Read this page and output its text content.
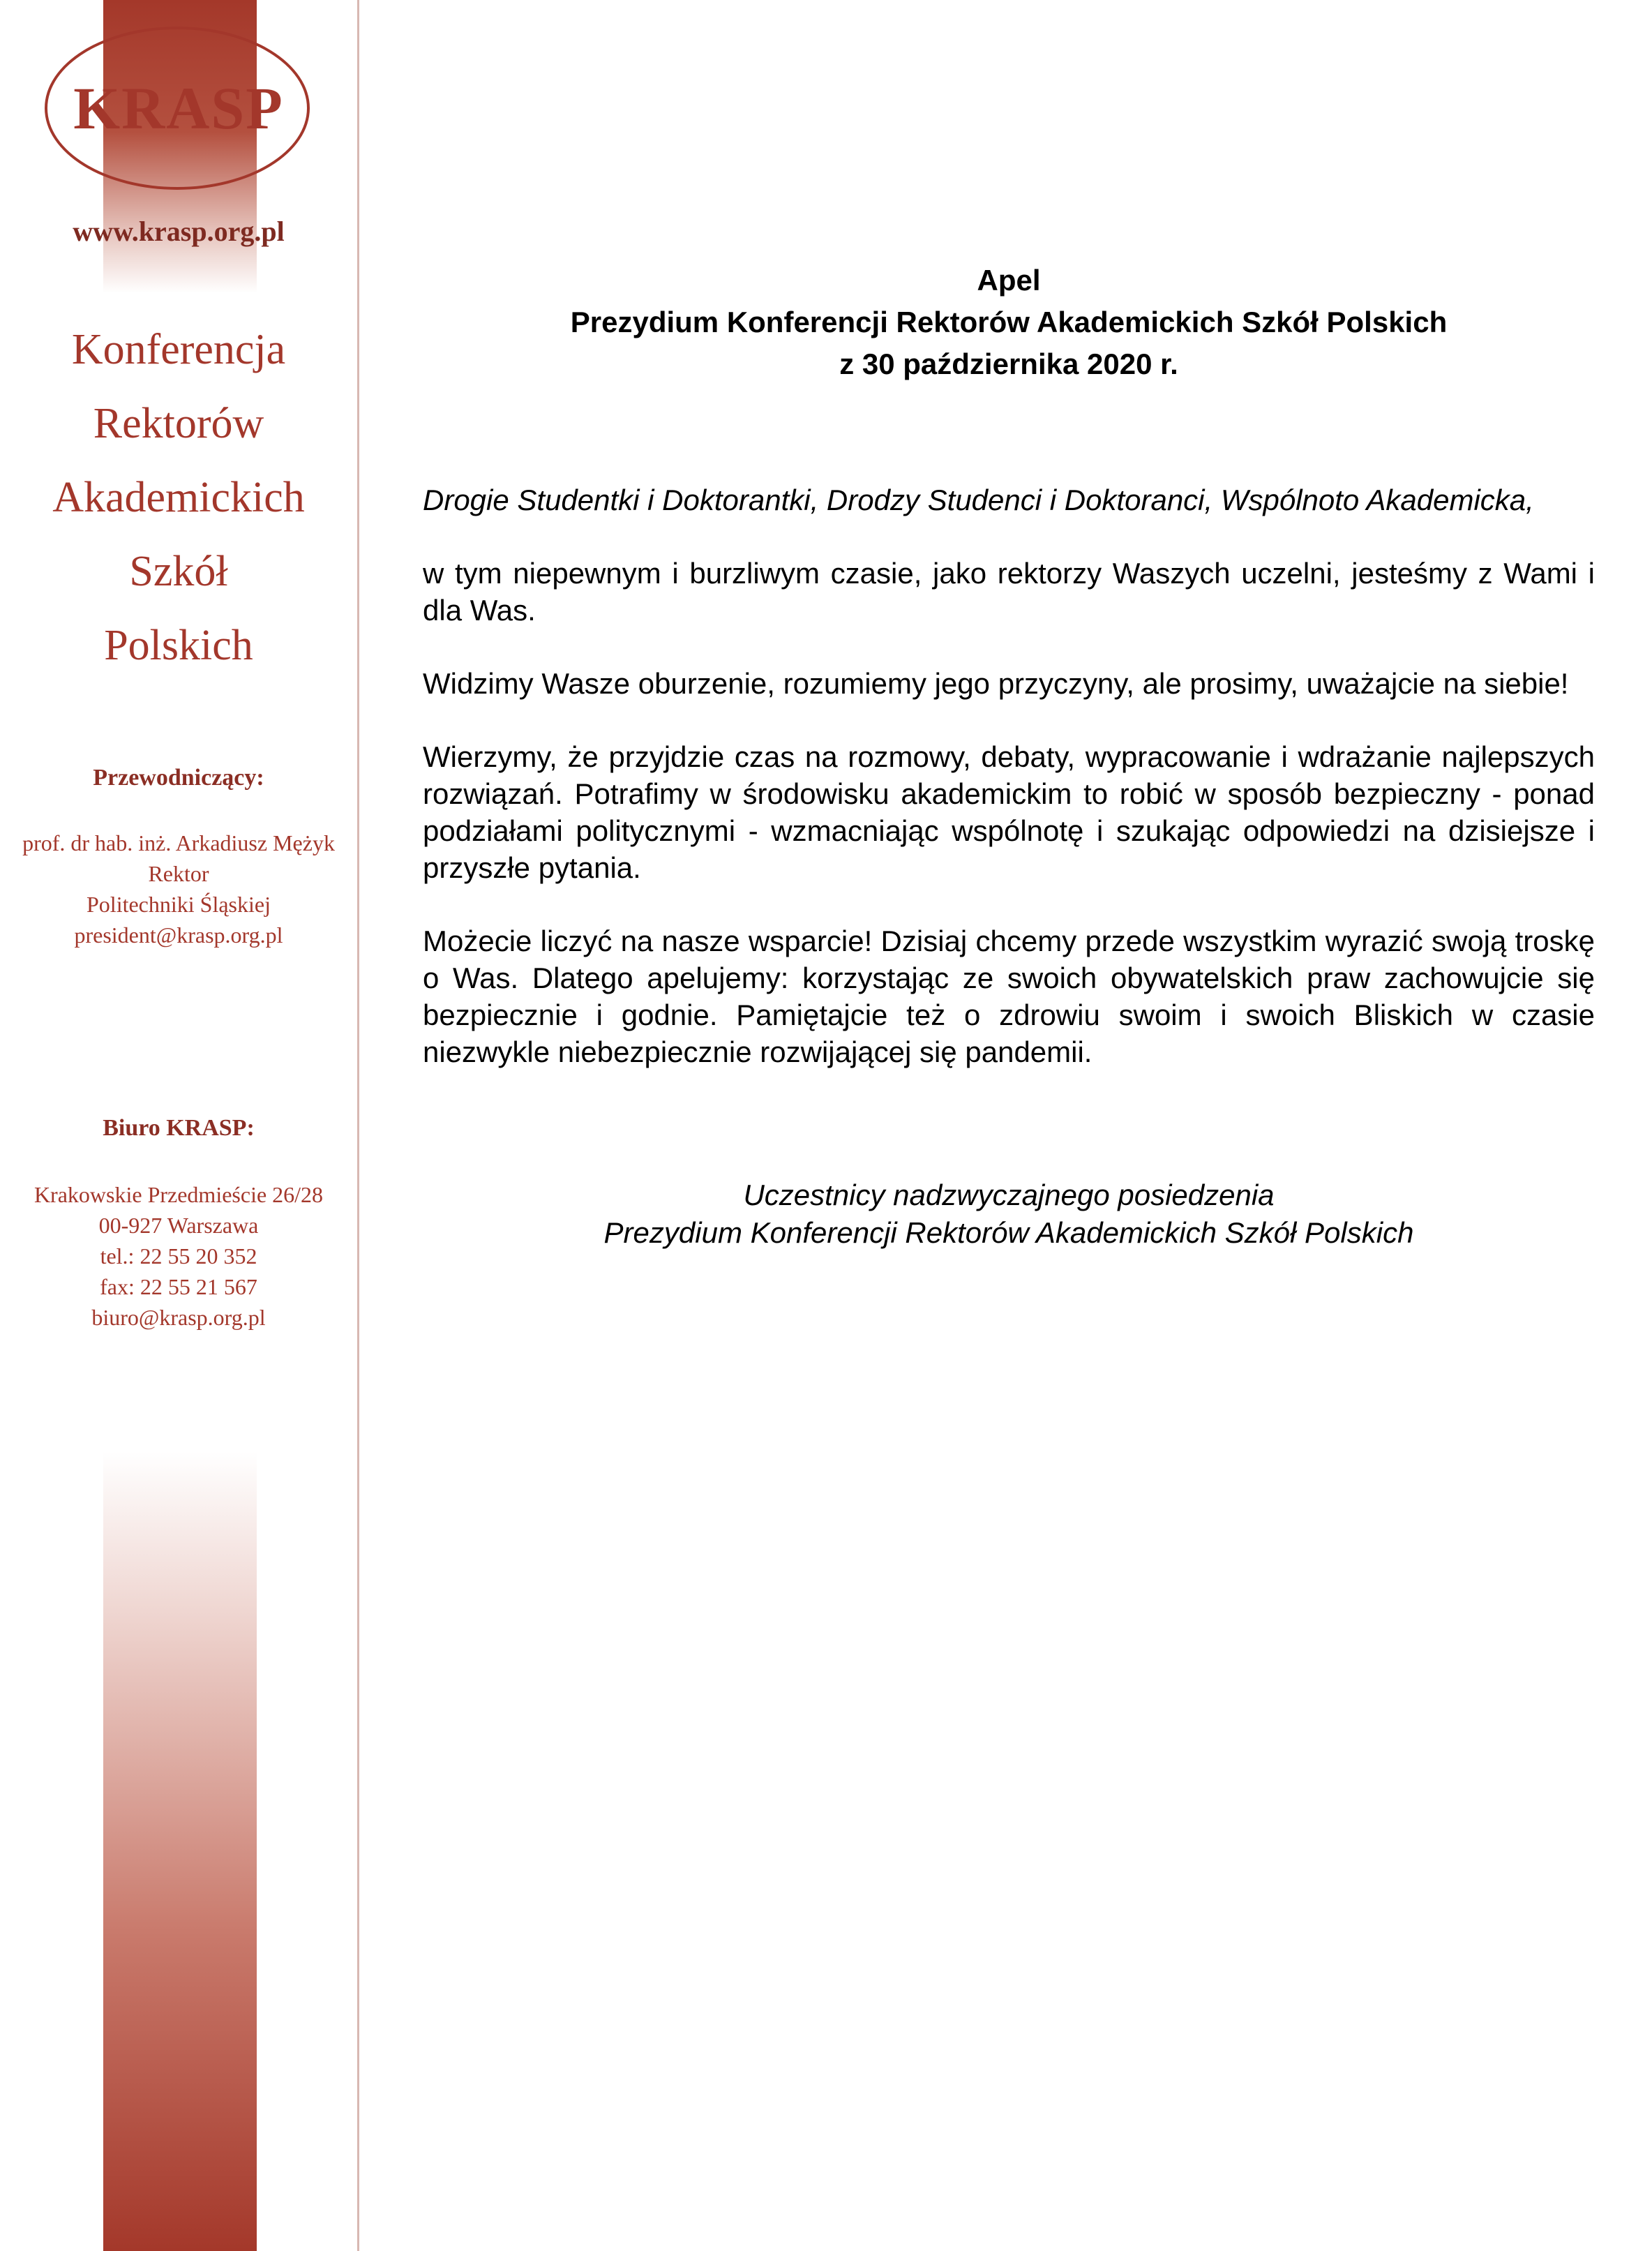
KRASP
www.krasp.org.pl
Konferencja
Rektorów
Akademickich
Szkół
Polskich
Przewodniczący:
prof. dr hab. inż. Arkadiusz Mężyk
Rektor
Politechniki Śląskiej
president@krasp.org.pl
Biuro KRASP:
Krakowskie Przedmieście 26/28
00-927 Warszawa
tel.: 22 55 20 352
fax: 22 55 21 567
biuro@krasp.org.pl
Apel
Prezydium Konferencji Rektorów Akademickich Szkół Polskich
z 30 października 2020 r.

Drogie Studentki i Doktorantki, Drodzy Studenci i Doktoranci, Wspólnoto Akademicka,

w tym niepewnym i burzliwym czasie, jako rektorzy Waszych uczelni, jesteśmy z Wami i dla Was.

Widzimy Wasze oburzenie, rozumiemy jego przyczyny, ale prosimy, uważajcie na siebie!

Wierzymy, że przyjdzie czas na rozmowy, debaty, wypracowanie i wdrażanie najlepszych rozwiązań. Potrafimy w środowisku akademickim to robić w sposób bezpieczny - ponad podziałami politycznymi - wzmacniając wspólnotę i szukając odpowiedzi na dzisiejsze i przyszłe pytania.

Możecie liczyć na nasze wsparcie! Dzisiaj chcemy przede wszystkim wyrazić swoją troskę o Was. Dlatego apelujemy: korzystając ze swoich obywatelskich praw zachowujcie się bezpiecznie i godnie. Pamiętajcie też o zdrowiu swoim i swoich Bliskich w czasie niezwykle niebezpiecznie rozwijającej się pandemii.

Uczestnicy nadzwyczajnego posiedzenia
Prezydium Konferencji Rektorów Akademickich Szkół Polskich
